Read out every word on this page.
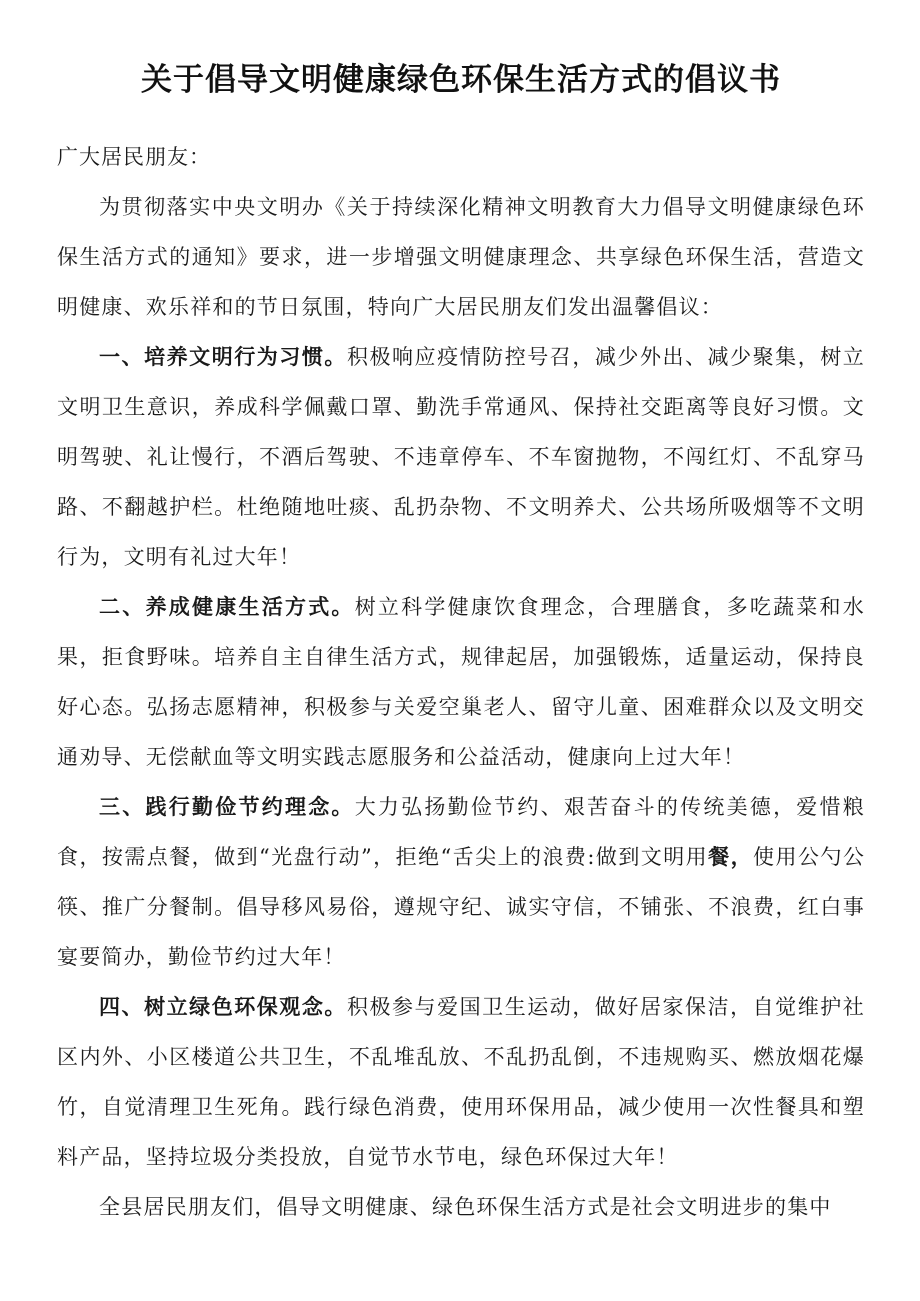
关于倡导文明健康绿色环保生活方式的倡议书

广大居民朋友：

为贯彻落实中央文明办《关于持续深化精神文明教育大力倡导文明健康绿色环保生活方式的通知》要求，进一步增强文明健康理念、共享绿色环保生活，营造文明健康、欢乐祥和的节日氛围，特向广大居民朋友们发出温馨倡议：

一、培养文明行为习惯。积极响应疫情防控号召，减少外出、减少聚集，树立文明卫生意识，养成科学佩戴口罩、勤洗手常通风、保持社交距离等良好习惯。文明驾驶、礼让慢行，不酒后驾驶、不违章停车、不车窗抛物，不闯红灯、不乱穿马路、不翻越护栏。杜绝随地吐痰、乱扔杂物、不文明养犬、公共场所吸烟等不文明行为，文明有礼过大年！

二、养成健康生活方式。树立科学健康饮食理念，合理膳食，多吃蔬菜和水果，拒食野味。培养自主自律生活方式，规律起居，加强锻炼，适量运动，保持良好心态。弘扬志愿精神，积极参与关爱空巢老人、留守儿童、困难群众以及文明交通劝导、无偿献血等文明实践志愿服务和公益活动，健康向上过大年！

三、践行勤俭节约理念。大力弘扬勤俭节约、艰苦奋斗的传统美德，爱惜粮食，按需点餐，做到“光盘行动”，拒绝“舌尖上的浪费:做到文明用餐，使用公勺公筷、推广分餐制。倡导移风易俗，遵规守纪、诚实守信，不铺张、不浪费，红白事宴要简办，勤俭节约过大年！

四、树立绿色环保观念。积极参与爱国卫生运动，做好居家保洁，自觉维护社区内外、小区楼道公共卫生，不乱堆乱放、不乱扔乱倒，不违规购买、燃放烟花爆竹，自觉清理卫生死角。践行绿色消费，使用环保用品，减少使用一次性餐具和塑料产品，坚持垃圾分类投放，自觉节水节电，绿色环保过大年！

全县居民朋友们，倡导文明健康、绿色环保生活方式是社会文明进步的集中
